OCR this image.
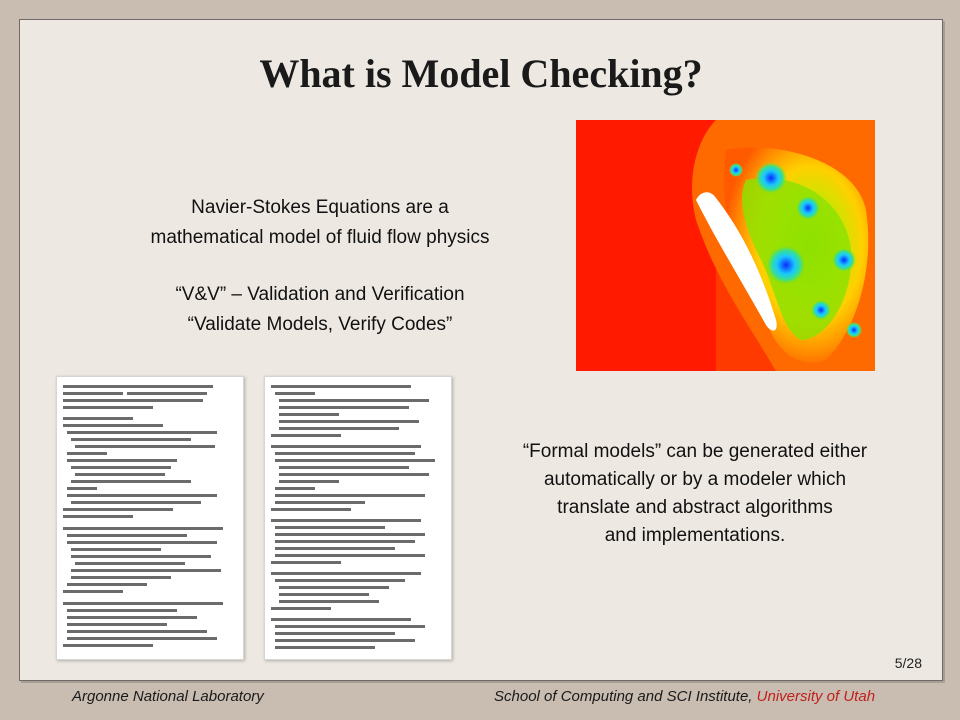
What is Model Checking?

Navier-Stokes Equations are a
mathematical model of fluid flow physics

“V&V” – Validation and Verification
“Validate Models, Verify Codes”

“Formal models” can be generated either
automatically or by a modeler which
translate and abstract algorithms
and implementations.

5/28
Argonne National Laboratory	School of Computing and SCI Institute, University of Utah
